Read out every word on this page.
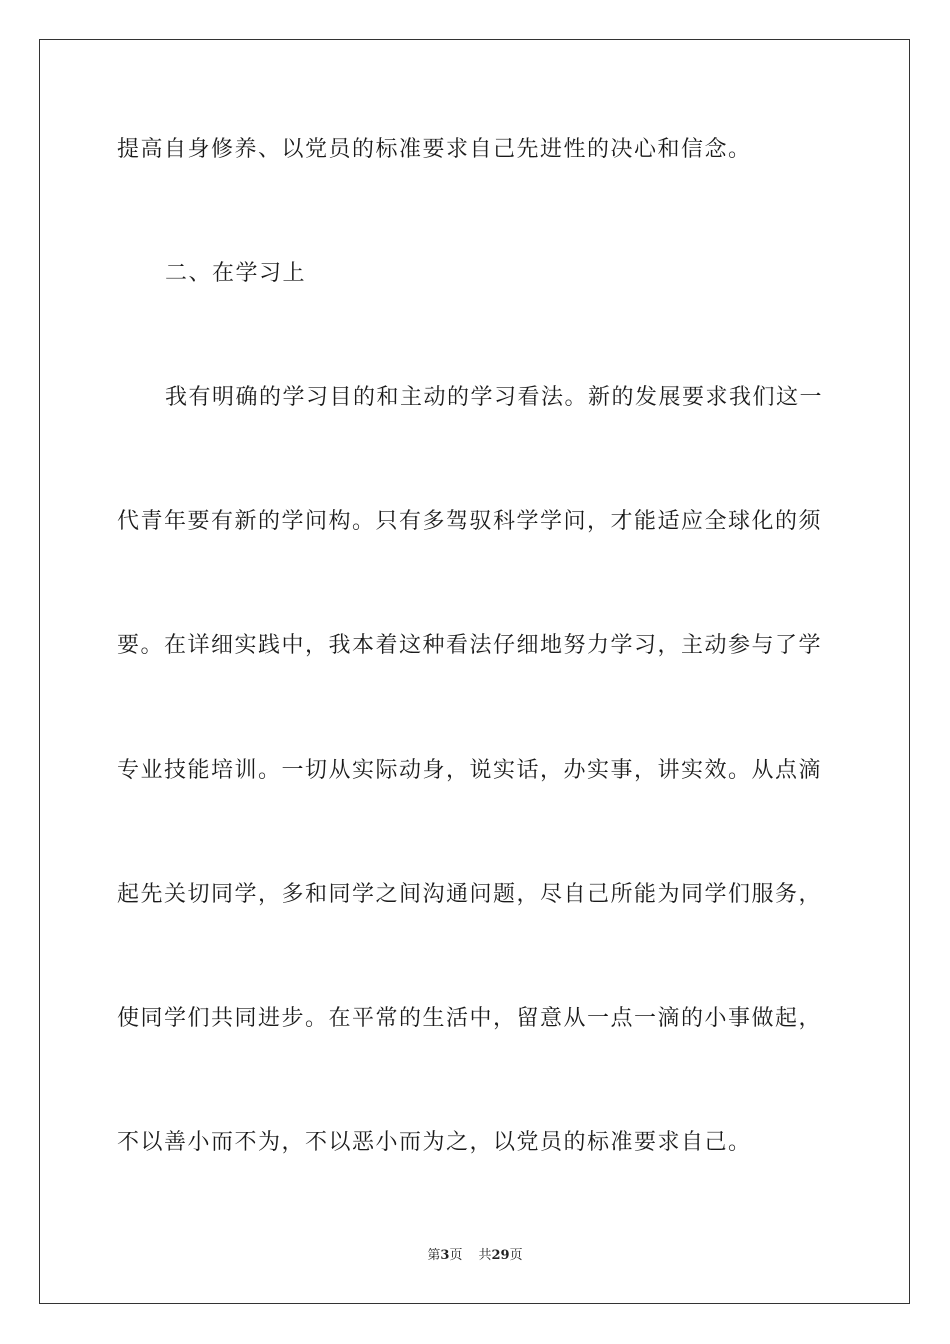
提高自身修养、以党员的标准要求自己先进性的决心和信念。
二、在学习上
我有明确的学习目的和主动的学习看法。新的发展要求我们这一
代青年要有新的学问构。只有多驾驭科学学问，才能适应全球化的须
要。在详细实践中，我本着这种看法仔细地努力学习，主动参与了学
专业技能培训。一切从实际动身，说实话，办实事，讲实效。从点滴
起先关切同学，多和同学之间沟通问题，尽自己所能为同学们服务，
使同学们共同进步。在平常的生活中，留意从一点一滴的小事做起，
不以善小而不为，不以恶小而为之，以党员的标准要求自己。
第3页 共29页
